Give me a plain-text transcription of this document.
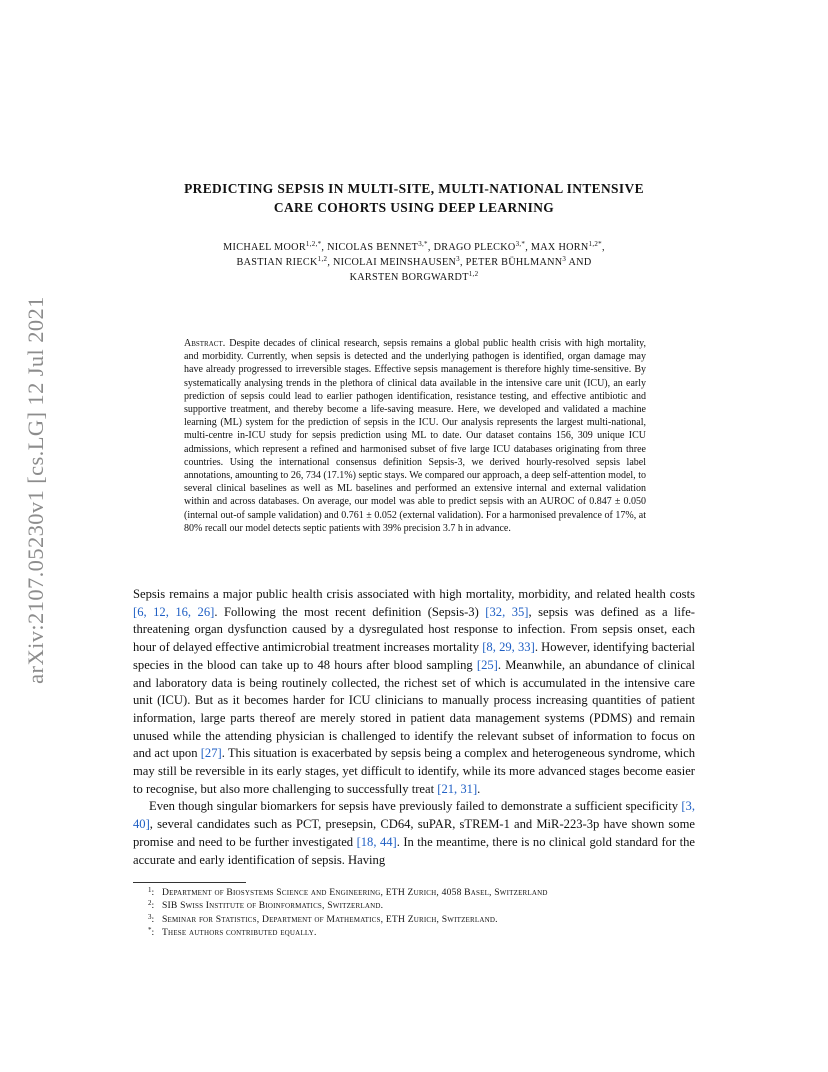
arXiv:2107.05230v1 [cs.LG] 12 Jul 2021
PREDICTING SEPSIS IN MULTI-SITE, MULTI-NATIONAL INTENSIVE
CARE COHORTS USING DEEP LEARNING
MICHAEL $MOOR^{1,2,*}$, NICOLAS $BENNET^{3,*}$, DRAGO $PLECKO^{3,*}$, MAX $HORN^{1,2*}$,
BASTIAN RIECK$^{1,2}$, NICOLAI MEINSHAUSEN$^3$, PETER BÜHLMANN$^3$ AND
KARSTEN BORGWARDT$^{1,2}$
Abstract. Despite decades of clinical research, sepsis remains a global public health crisis with high mortality, and morbidity. Currently, when sepsis is detected and the underlying pathogen is identified, organ damage may have already progressed to irreversible stages. Effective sepsis management is therefore highly time-sensitive. By systematically analysing trends in the plethora of clinical data available in the intensive care unit (ICU), an early prediction of sepsis could lead to earlier pathogen identification, resistance testing, and effective antibiotic and supportive treatment, and thereby become a life-saving measure. Here, we developed and validated a machine learning (ML) system for the prediction of sepsis in the ICU. Our analysis represents the largest multi-national, multi-centre in-ICU study for sepsis prediction using ML to date. Our dataset contains 156, 309 unique ICU admissions, which represent a refined and harmonised subset of five large ICU databases originating from three countries. Using the international consensus definition Sepsis-3, we derived hourly-resolved sepsis label annotations, amounting to 26, 734 (17.1%) septic stays. We compared our approach, a deep self-attention model, to several clinical baselines as well as ML baselines and performed an extensive internal and external validation within and across databases. On average, our model was able to predict sepsis with an AUROC of 0.847 ± 0.050 (internal out-of sample validation) and 0.761 ± 0.052 (external validation). For a harmonised prevalence of 17%, at 80% recall our model detects septic patients with 39% precision 3.7 h in advance.

Sepsis remains a major public health crisis associated with high mortality, morbidity, and related health costs [6, 12, 16, 26]. Following the most recent definition (Sepsis-3) [32, 35], sepsis was defined as a life-threatening organ dysfunction caused by a dysregulated host response to infection. From sepsis onset, each hour of delayed effective antimicrobial treatment increases mortality [8, 29, 33]. However, identifying bacterial species in the blood can take up to 48 hours after blood sampling [25]. Meanwhile, an abundance of clinical and laboratory data is being routinely collected, the richest set of which is accumulated in the intensive care unit (ICU). But as it becomes harder for ICU clinicians to manually process increasing quantities of patient information, large parts thereof are merely stored in patient data management systems (PDMS) and remain unused while the attending physician is challenged to identify the relevant subset of information to focus on and act upon [27]. This situation is exacerbated by sepsis being a complex and heterogeneous syndrome, which may still be reversible in its early stages, yet difficult to identify, while its more advanced stages become easier to recognise, but also more challenging to successfully treat [21, 31].

Even though singular biomarkers for sepsis have previously failed to demonstrate a sufficient specificity [3, 40], several candidates such as PCT, presepsin, CD64, suPAR, sTREM-1 and MiR-223-3p have shown some promise and need to be further investigated [18, 44]. In the meantime, there is no clinical gold standard for the accurate and early identification of sepsis. Having

$^1$: Department of Biosystems Science and Engineering, ETH Zurich, 4058 Basel, Switzerland
$^2$: SIB Swiss Institute of Bioinformatics, Switzerland.
$^3$: Seminar for Statistics, Department of Mathematics, ETH Zurich, Switzerland.
*: These authors contributed equally.
